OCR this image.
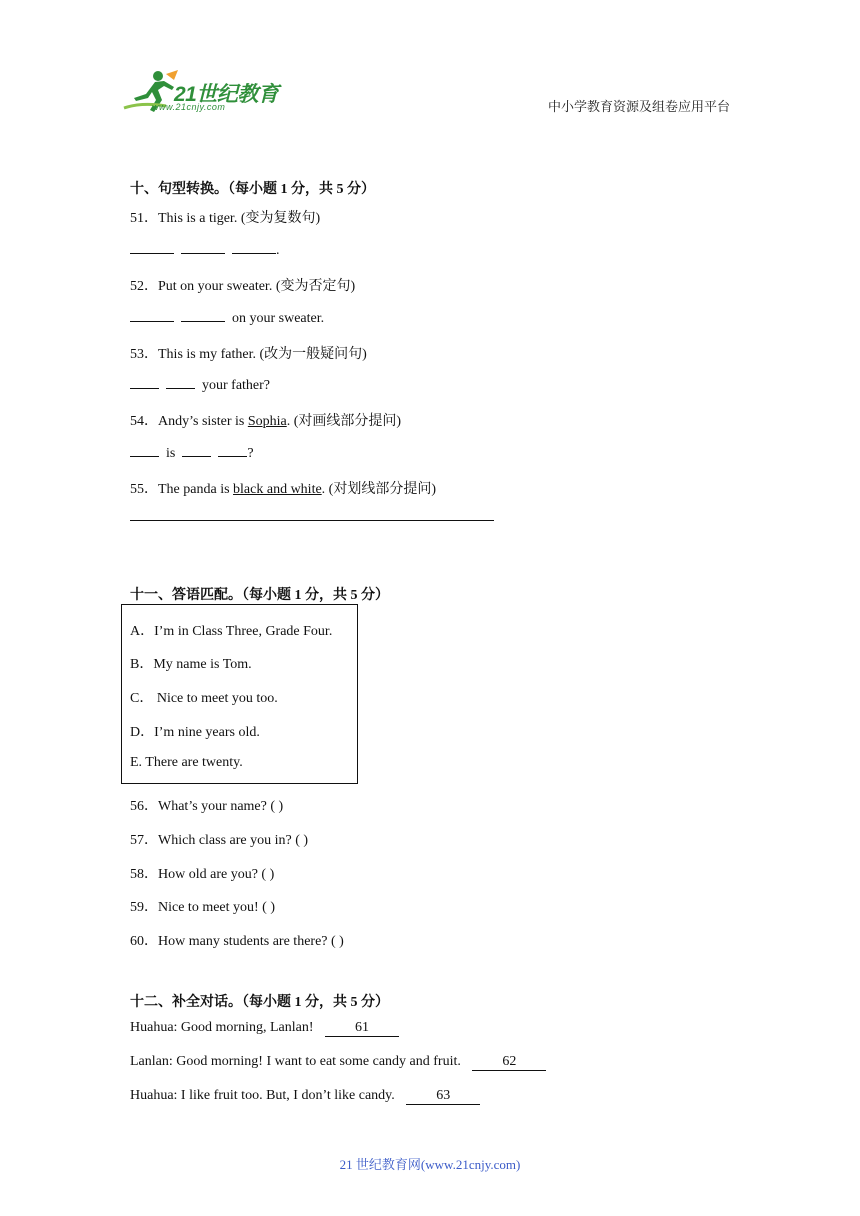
21世纪教育
www.21cnjy.com	中小学教育资源及组卷应用平台
十、句型转换。（每小题 1 分，共 5 分）
51．This is a tiger. (变为复数句)
.
52．Put on your sweater. (变为否定句)
on your sweater.
53．This is my father. (改为一般疑问句)
your father?
54．Andy’s sister is Sophia. (对画线部分提问)
is	?
55．The panda is black and white. (对划线部分提问)
十一、答语匹配。（每小题 1 分，共 5 分）
A．I’m in Class Three, Grade Four.
B．My name is Tom.
C． Nice to meet you too.
D．I’m nine years old.
E. There are twenty.
56．What’s your name? ( )
57．Which class are you in? ( )
58．How old are you? ( )
59．Nice to meet you! ( )
60．How many students are there? ( )
十二、补全对话。（每小题 1 分，共 5 分）
Huahua: Good morning, Lanlan!	61
Lanlan: Good morning! I want to eat some candy and fruit.	62
Huahua: I like fruit too. But, I don’t like candy.	63
21 世纪教育网(www.21cnjy.com)
